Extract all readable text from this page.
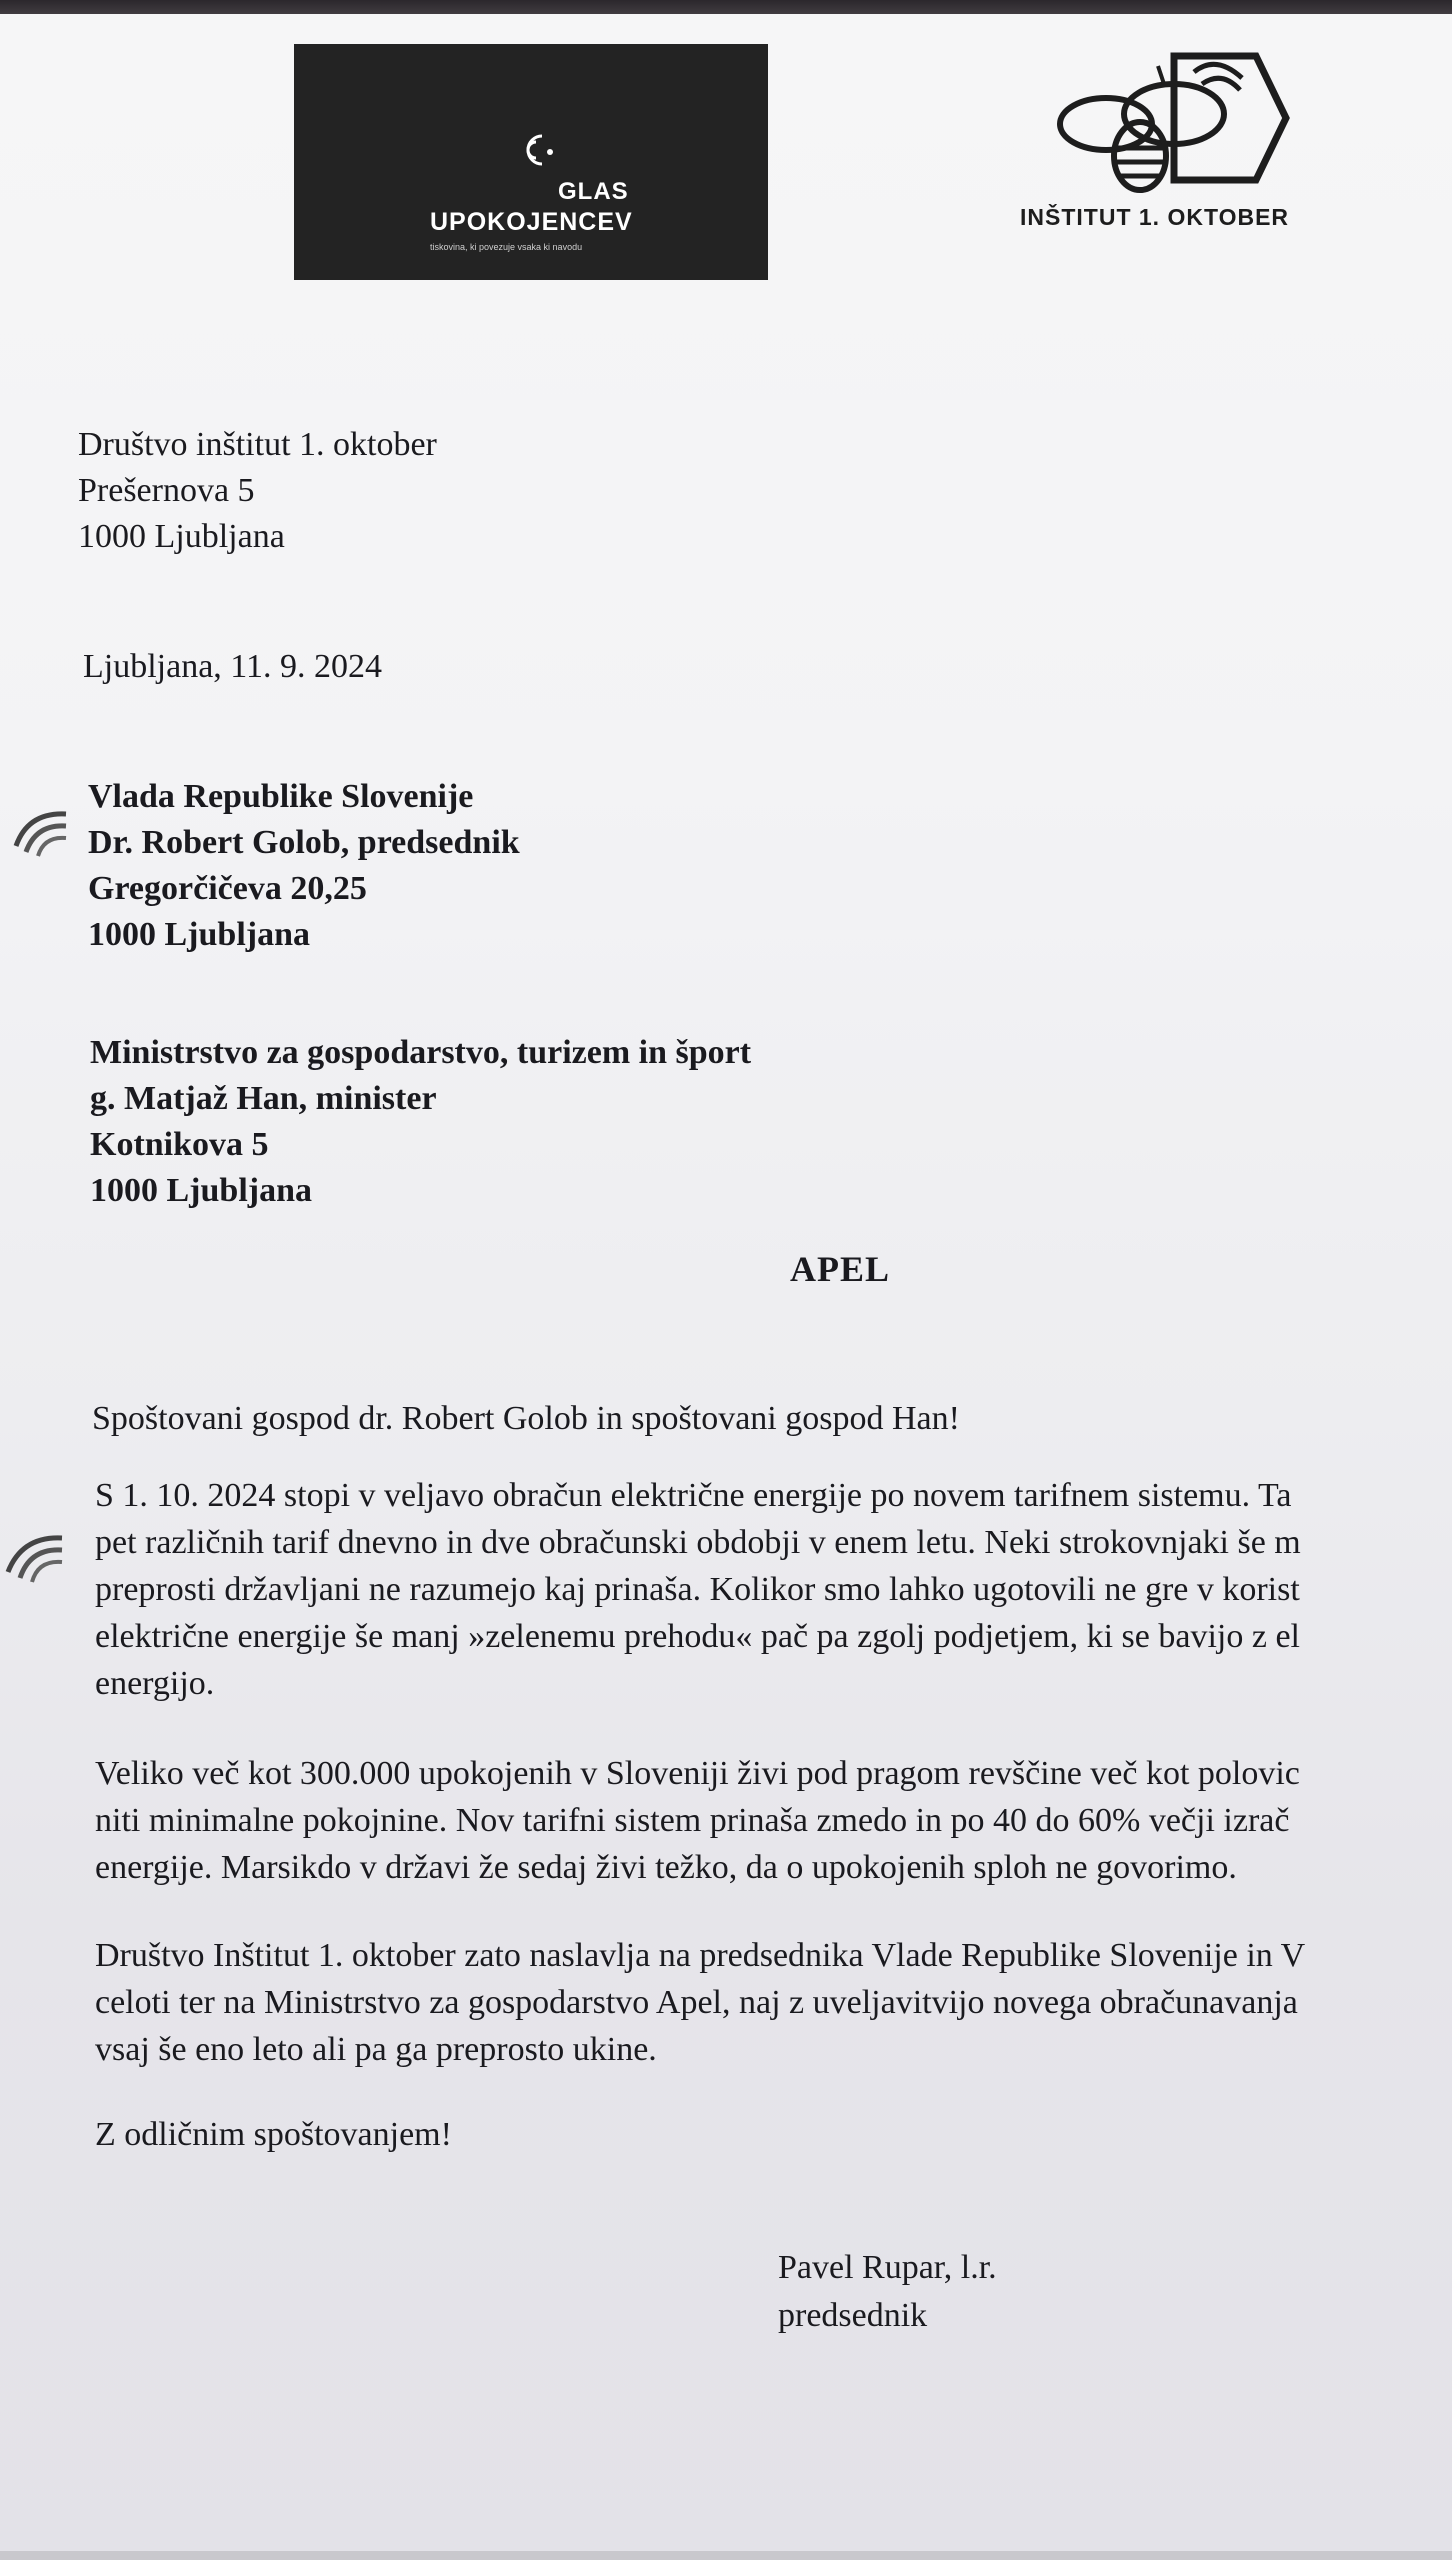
GLAS
UPOKOJENCEV
tiskovina, ki povezuje vsaka ki navodu
INŠTITUT 1. OKTOBER
Društvo inštitut 1. oktober
Prešernova 5
1000 Ljubljana
Ljubljana, 11. 9. 2024
Vlada Republike Slovenije
Dr. Robert Golob, predsednik
Gregorčičeva 20,25
1000 Ljubljana
Ministrstvo za gospodarstvo, turizem in šport
g. Matjaž Han, minister
Kotnikova 5
1000 Ljubljana
APEL
Spoštovani gospod dr. Robert Golob in spoštovani gospod Han!
S 1. 10. 2024 stopi v veljavo obračun električne energije po novem tarifnem sistemu. Ta
pet različnih tarif dnevno in dve obračunski obdobji v enem letu. Neki strokovnjaki še m
preprosti državljani ne razumejo kaj prinaša. Kolikor smo lahko ugotovili ne gre v korist
električne energije še manj »zelenemu prehodu« pač pa zgolj podjetjem, ki se bavijo z el
energijo.
Veliko več kot 300.000 upokojenih v Sloveniji živi pod pragom revščine več kot polovic
niti minimalne pokojnine. Nov tarifni sistem prinaša zmedo in po 40 do 60% večji izrač
energije. Marsikdo v državi že sedaj živi težko, da o upokojenih sploh ne govorimo.
Društvo Inštitut 1. oktober zato naslavlja na predsednika Vlade Republike Slovenije in V
celoti ter na Ministrstvo za gospodarstvo Apel, naj z uveljavitvijo novega obračunavanja
vsaj še eno leto ali pa ga preprosto ukine.
Z odličnim spoštovanjem!
Pavel Rupar, l.r.
predsednik
